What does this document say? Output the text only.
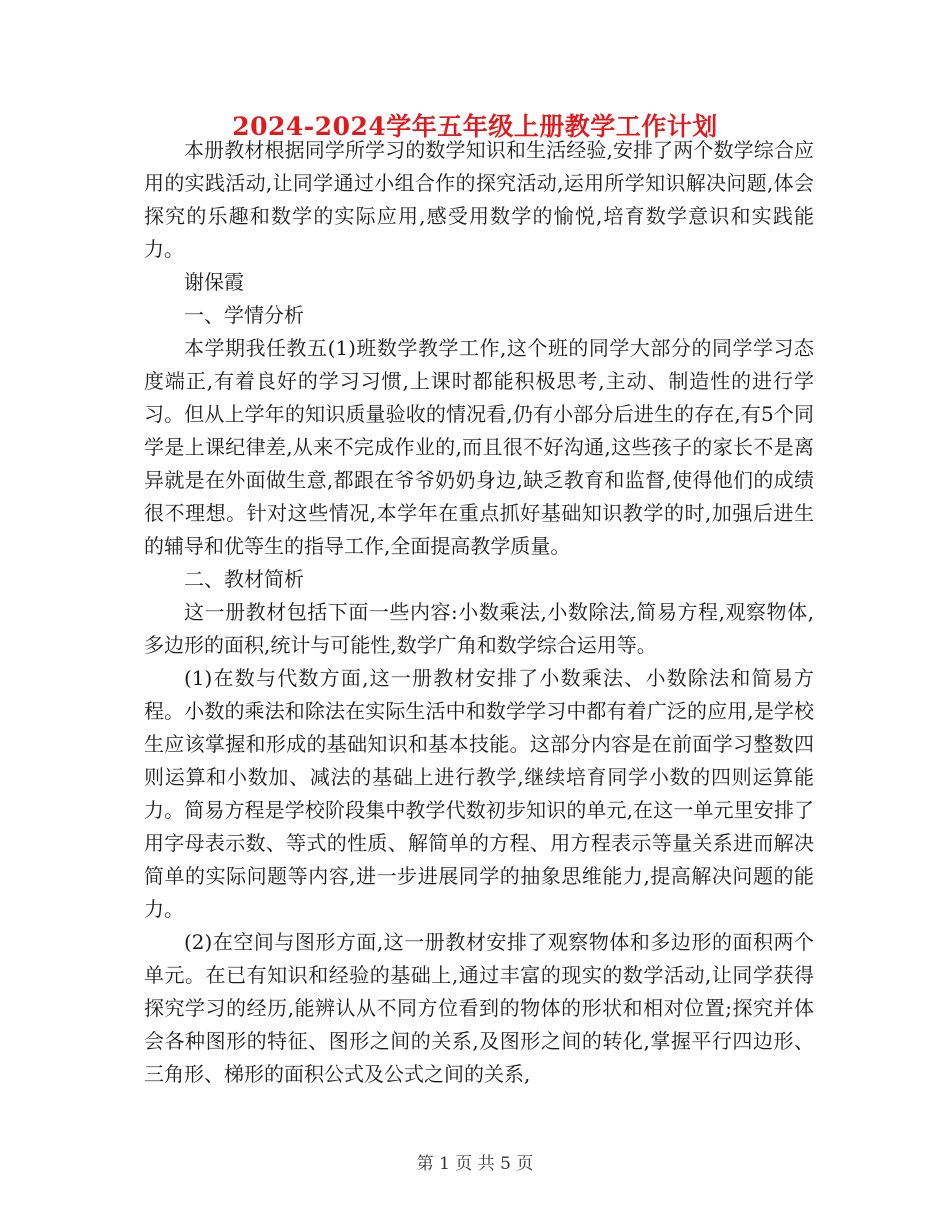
2024-2024学年五年级上册教学工作计划

本册教材根据同学所学习的数学知识和生活经验,安排了两个数学综合应用的实践活动,让同学通过小组合作的探究活动,运用所学知识解决问题,体会探究的乐趣和数学的实际应用,感受用数学的愉悦,培育数学意识和实践能力。

谢保霞

一、学情分析

本学期我任教五(1)班数学教学工作,这个班的同学大部分的同学学习态度端正,有着良好的学习习惯,上课时都能积极思考,主动、制造性的进行学习。但从上学年的知识质量验收的情况看,仍有小部分后进生的存在,有5个同学是上课纪律差,从来不完成作业的,而且很不好沟通,这些孩子的家长不是离异就是在外面做生意,都跟在爷爷奶奶身边,缺乏教育和监督,使得他们的成绩很不理想。针对这些情况,本学年在重点抓好基础知识教学的时,加强后进生的辅导和优等生的指导工作,全面提高教学质量。

二、教材简析

这一册教材包括下面一些内容:小数乘法,小数除法,简易方程,观察物体,多边形的面积,统计与可能性,数学广角和数学综合运用等。

(1)在数与代数方面,这一册教材安排了小数乘法、小数除法和简易方程。小数的乘法和除法在实际生活中和数学学习中都有着广泛的应用,是学校生应该掌握和形成的基础知识和基本技能。这部分内容是在前面学习整数四则运算和小数加、减法的基础上进行教学,继续培育同学小数的四则运算能力。简易方程是学校阶段集中教学代数初步知识的单元,在这一单元里安排了用字母表示数、等式的性质、解简单的方程、用方程表示等量关系进而解决简单的实际问题等内容,进一步进展同学的抽象思维能力,提高解决问题的能力。

(2)在空间与图形方面,这一册教材安排了观察物体和多边形的面积两个单元。在已有知识和经验的基础上,通过丰富的现实的数学活动,让同学获得探究学习的经历,能辨认从不同方位看到的物体的形状和相对位置;探究并体会各种图形的特征、图形之间的关系,及图形之间的转化,掌握平行四边形、三角形、梯形的面积公式及公式之间的关系,

第 1 页 共 5 页
